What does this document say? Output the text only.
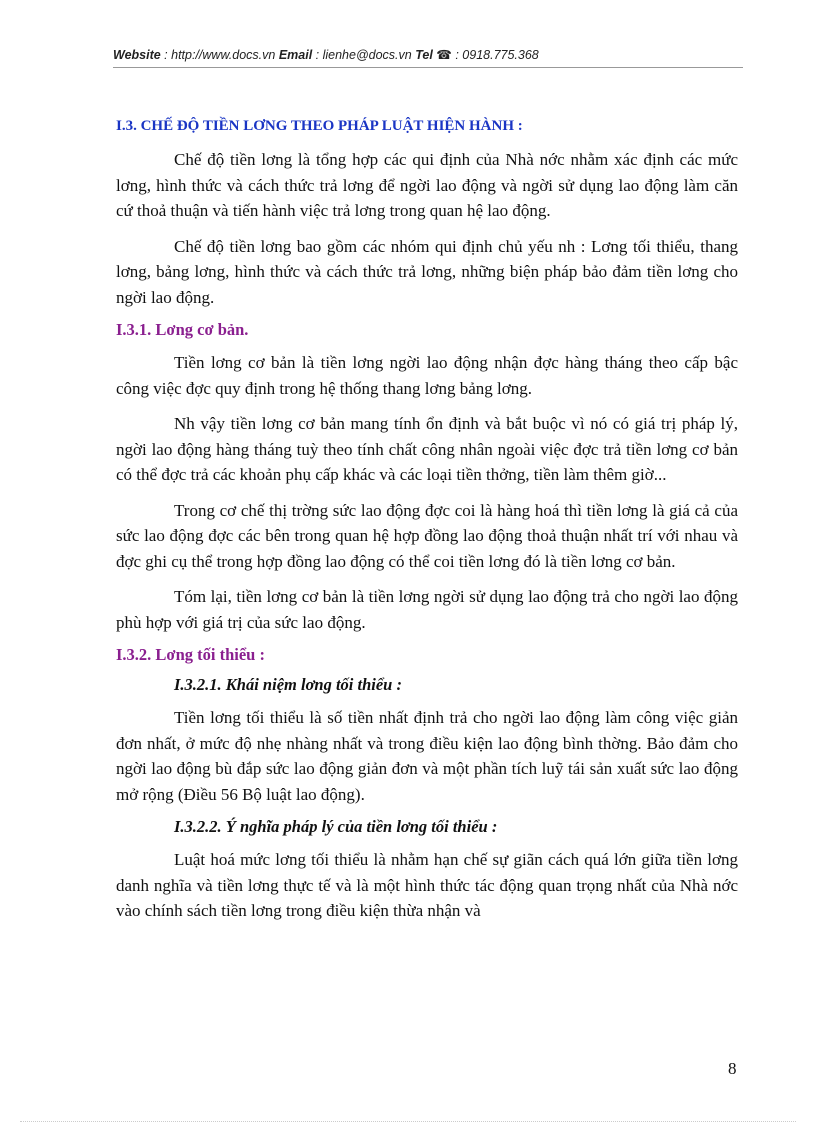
Website : http://www.docs.vn Email : lienhe@docs.vn Tel ☎ : 0918.775.368
I.3. CHẾ ĐỘ TIỀN LƠNG THEO PHÁP LUẬT HIỆN HÀNH :

Chế độ tiền lơng là tổng hợp các qui định của Nhà nớc nhằm xác định các mức lơng, hình thức và cách thức trả lơng để ngời lao động và ngời sử dụng lao động làm căn cứ thoả thuận và tiến hành việc trả lơng trong quan hệ lao động.

Chế độ tiền lơng bao gồm các nhóm qui định chủ yếu nh : Lơng tối thiểu, thang lơng, bảng lơng, hình thức và cách thức trả lơng, những biện pháp bảo đảm tiền lơng cho ngời lao động.

I.3.1. Lơng cơ bản.

Tiền lơng cơ bản là tiền lơng ngời lao động nhận đợc hàng tháng theo cấp bậc công việc đợc quy định trong hệ thống thang lơng bảng lơng.

Nh vậy tiền lơng cơ bản mang tính ổn định và bắt buộc vì nó có giá trị pháp lý, ngời lao động hàng tháng tuỳ theo tính chất công nhân ngoài việc đợc trả tiền lơng cơ bản có thể đợc trả các khoản phụ cấp khác và các loại tiền thởng, tiền làm thêm giờ...

Trong cơ chế thị trờng sức lao động đợc coi là hàng hoá thì tiền lơng là giá cả của sức lao động đợc các bên trong quan hệ hợp đồng lao động thoả thuận nhất trí với nhau và đợc ghi cụ thể trong hợp đồng lao động có thể coi tiền lơng đó là tiền lơng cơ bản.

Tóm lại, tiền lơng cơ bản là tiền lơng ngời sử dụng lao động trả cho ngời lao động phù hợp với giá trị của sức lao động.

I.3.2. Lơng tối thiểu :
I.3.2.1. Khái niệm lơng tối thiểu :

Tiền lơng tối thiểu là số tiền nhất định trả cho ngời lao động làm công việc giản đơn nhất, ở mức độ nhẹ nhàng nhất và trong điều kiện lao động bình thờng. Bảo đảm cho ngời lao động bù đắp sức lao động giản đơn và một phần tích luỹ tái sản xuất sức lao động mở rộng (Điều 56 Bộ luật lao động).

I.3.2.2. Ý nghĩa pháp lý của tiền lơng tối thiểu :

Luật hoá mức lơng tối thiểu là nhằm hạn chế sự giãn cách quá lớn giữa tiền lơng danh nghĩa và tiền lơng thực tế và là một hình thức tác động quan trọng nhất của Nhà nớc vào chính sách tiền lơng trong điều kiện thừa nhận và

8
